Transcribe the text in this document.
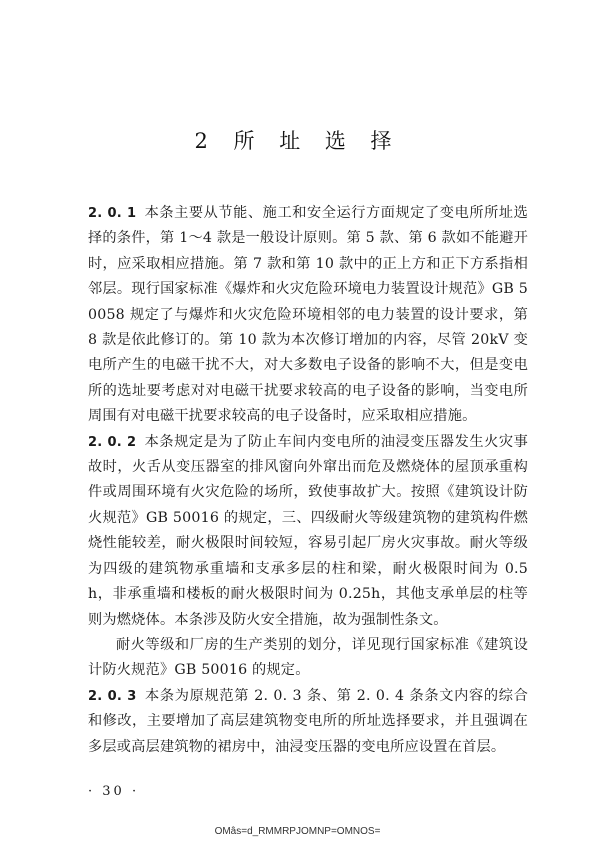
2 所 址 选 择

2. 0. 1 本条主要从节能、施工和安全运行方面规定了变电所所址选择的条件，第 1～4 款是一般设计原则。第 5 款、第 6 款如不能避开时，应采取相应措施。第 7 款和第 10 款中的正上方和正下方系指相邻层。现行国家标准《爆炸和火灾危险环境电力装置设计规范》GB 50058 规定了与爆炸和火灾危险环境相邻的电力装置的设计要求，第 8 款是依此修订的。第 10 款为本次修订增加的内容，尽管 20kV 变电所产生的电磁干扰不大，对大多数电子设备的影响不大，但是变电所的选址要考虑对对电磁干扰要求较高的电子设备的影响，当变电所周围有对电磁干扰要求较高的电子设备时，应采取相应措施。

2. 0. 2 本条规定是为了防止车间内变电所的油浸变压器发生火灾事故时，火舌从变压器室的排风窗向外窜出而危及燃烧体的屋顶承重构件或周围环境有火灾危险的场所，致使事故扩大。按照《建筑设计防火规范》GB 50016 的规定，三、四级耐火等级建筑物的建筑构件燃烧性能较差，耐火极限时间较短，容易引起厂房火灾事故。耐火等级为四级的建筑物承重墙和支承多层的柱和梁，耐火极限时间为 0.5h，非承重墙和楼板的耐火极限时间为 0.25h，其他支承单层的柱等则为燃烧体。本条涉及防火安全措施，故为强制性条文。

耐火等级和厂房的生产类别的划分，详见现行国家标准《建筑设计防火规范》GB 50016 的规定。

2. 0. 3 本条为原规范第 2. 0. 3 条、第 2. 0. 4 条条文内容的综合和修改，主要增加了高层建筑物变电所的所址选择要求，并且强调在多层或高层建筑物的裙房中，油浸变压器的变电所应设置在首层。

· 30 ·
OMâs=d_RMMRPJOMNP=OMNOS=
